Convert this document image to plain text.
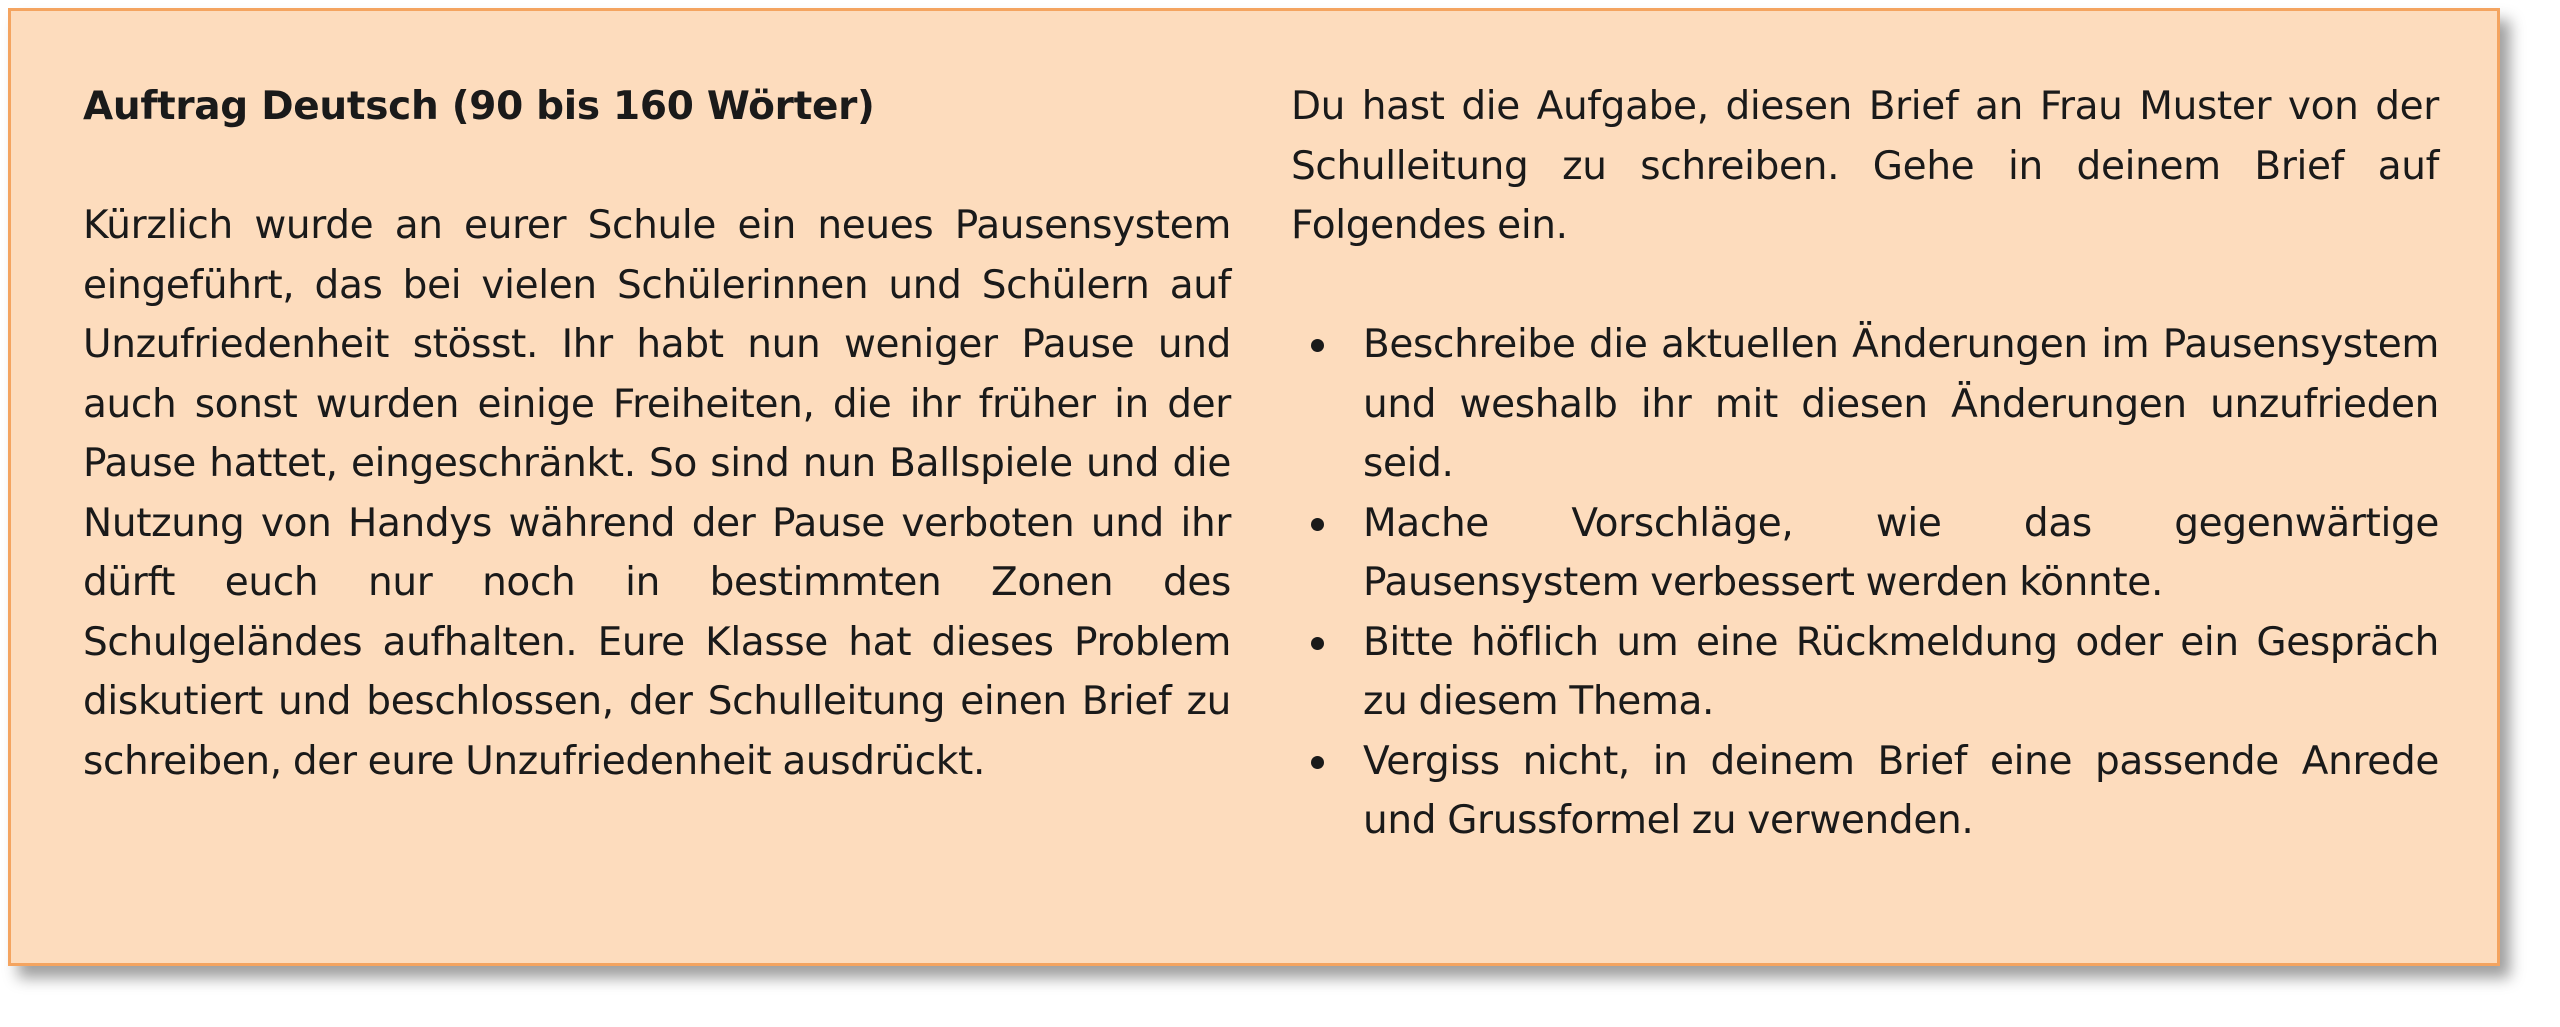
Auftrag Deutsch (90 bis 160 Wörter)

Kürzlich wurde an eurer Schule ein neues Pausensystem eingeführt, das bei vielen Schülerinnen und Schülern auf Unzufriedenheit stösst. Ihr habt nun weniger Pause und auch sonst wurden einige Freiheiten, die ihr früher in der Pause hattet, eingeschränkt. So sind nun Ballspiele und die Nutzung von Handys während der Pause verboten und ihr dürft euch nur noch in bestimmten Zonen des Schulgeländes aufhalten. Eure Klasse hat dieses Problem diskutiert und beschlossen, der Schulleitung einen Brief zu schreiben, der eure Unzufriedenheit ausdrückt.

Du hast die Aufgabe, diesen Brief an Frau Muster von der Schulleitung zu schreiben. Gehe in deinem Brief auf Folgendes ein.

Beschreibe die aktuellen Änderungen im Pausensystem und weshalb ihr mit diesen Änderungen unzufrieden seid.
Mache Vorschläge, wie das gegenwärtige Pausensystem verbessert werden könnte.
Bitte höflich um eine Rückmeldung oder ein Gespräch zu diesem Thema.
Vergiss nicht, in deinem Brief eine passende Anrede und Grussformel zu verwenden.
